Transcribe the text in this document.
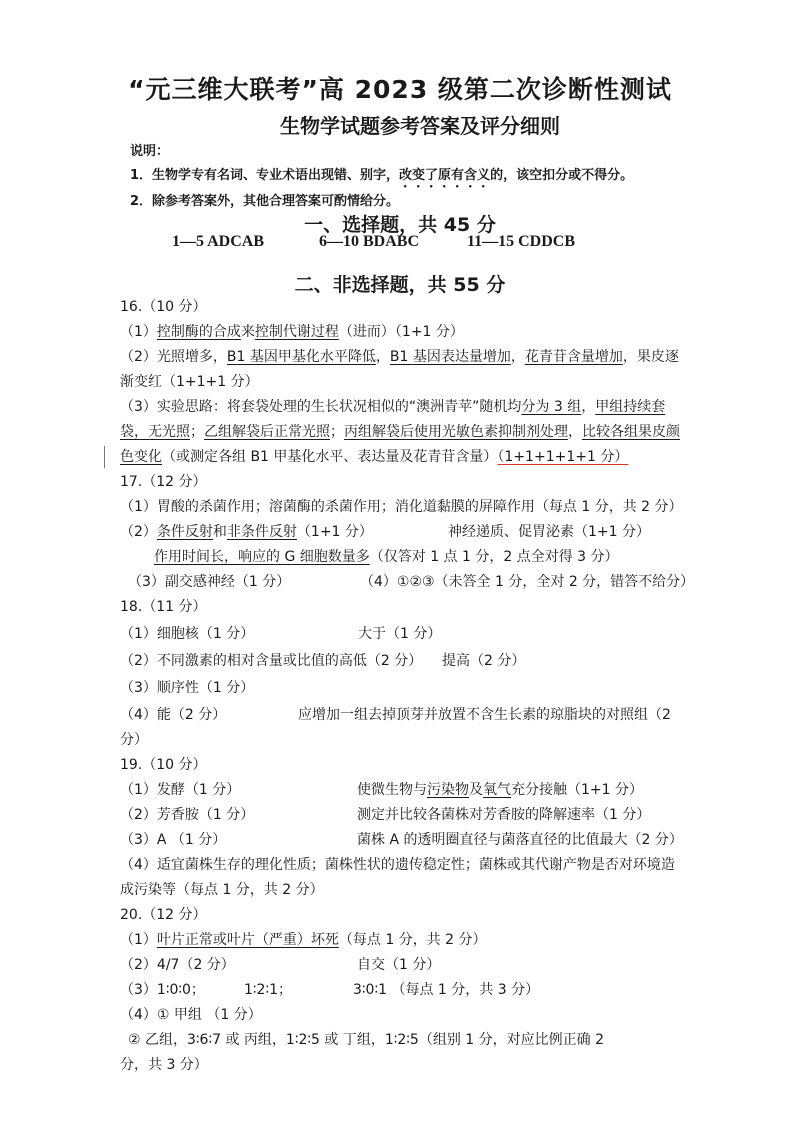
“元三维大联考”高 2023 级第二次诊断性测试
生物学试题参考答案及评分细则
说明：
1．生物学专有名词、专业术语出现错、别字，改变了原有含义的，该空扣分或不得分。
2．除参考答案外，其他合理答案可酌情给分。
一、选择题，共 45 分
1—5 ADCAB	6—10 BDABC	11—15 CDDCB
二、非选择题，共 55 分
16.（10 分）
（1）控制酶的合成来控制代谢过程（进而）（1+1 分）
（2）光照增多，B1 基因甲基化水平降低，B1 基因表达量增加，花青苷含量增加，果皮逐
渐变红（1+1+1 分）
（3）实验思路：将套袋处理的生长状况相似的“澳洲青苹”随机均分为 3 组，甲组持续套
袋，无光照；乙组解袋后正常光照；丙组解袋后使用光敏色素抑制剂处理，比较各组果皮颜
色变化（或测定各组 B1 甲基化水平、表达量及花青苷含量）（1+1+1+1+1 分）
17.（12 分）
（1）胃酸的杀菌作用；溶菌酶的杀菌作用；消化道黏膜的屏障作用（每点 1 分，共 2 分）
（2）条件反射和非条件反射（1+1 分）	神经递质、促胃泌素（1+1 分）
作用时间长，响应的 G 细胞数量多（仅答对 1 点 1 分，2 点全对得 3 分）
（3）副交感神经（1 分）	（4）①②③（未答全 1 分，全对 2 分，错答不给分）
18.（11 分）
（1）细胞核（1 分）	大于（1 分）
（2）不同激素的相对含量或比值的高低（2 分） 提高（2 分）
（3）顺序性（1 分）
（4）能（2 分）	应增加一组去掉顶芽并放置不含生长素的琼脂块的对照组（2
分）
19.（10 分）
（1）发酵（1 分）	使微生物与污染物及氧气充分接触（1+1 分）
（2）芳香胺（1 分）	测定并比较各菌株对芳香胺的降解速率（1 分）
（3）A （1 分）	菌株 A 的透明圈直径与菌落直径的比值最大（2 分）
（4）适宜菌株生存的理化性质；菌株性状的遗传稳定性；菌株或其代谢产物是否对环境造
成污染等（每点 1 分，共 2 分）
20.（12 分）
（1）叶片正常或叶片（严重）坏死（每点 1 分，共 2 分）
（2）4/7（2 分）	自交（1 分）
（3）1∶0∶0；	1∶2∶1；	3∶0∶1 （每点 1 分，共 3 分）
（4）① 甲组 （1 分）
② 乙组，3∶6∶7 或 丙组，1∶2∶5 或 丁组，1∶2∶5（组别 1 分，对应比例正确 2
分，共 3 分）
